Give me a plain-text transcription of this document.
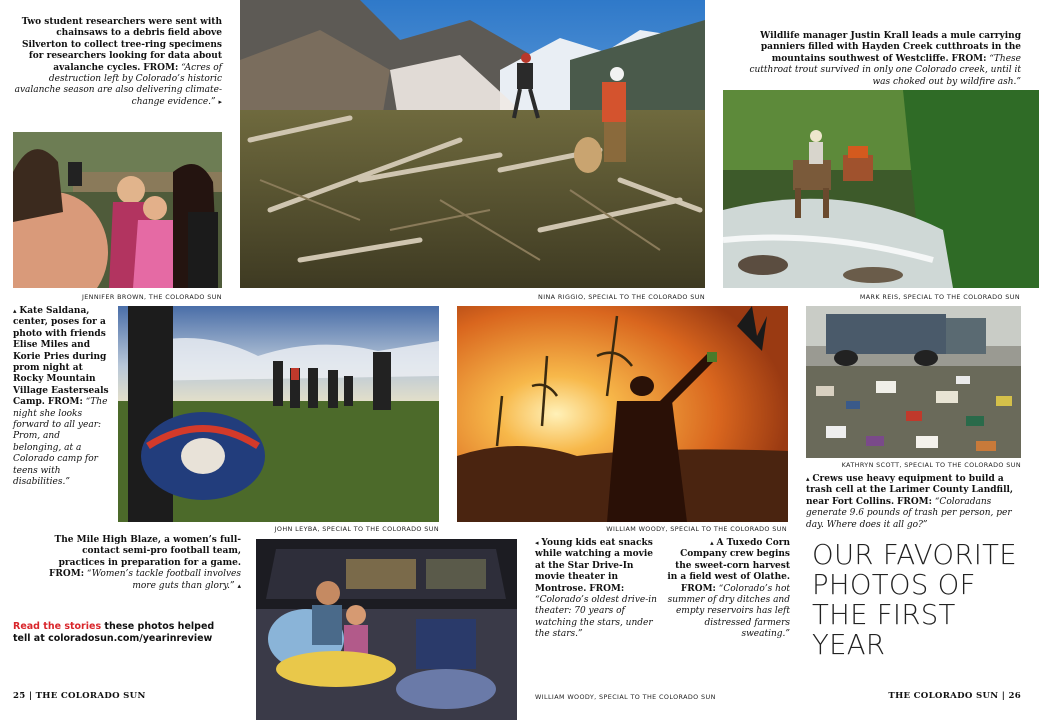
NINA RIGGIO, SPECIAL TO THE COLORADO SUN
JENNIFER BROWN, THE COLORADO SUN	MARK REIS, SPECIAL TO THE COLORADO SUN
JOHN LEYBA, SPECIAL TO THE COLORADO SUN	WILLIAM WOODY, SPECIAL TO THE COLORADO SUN
KATHRYN SCOTT, SPECIAL TO THE COLORADO SUN
WILLIAM WOODY, SPECIAL TO THE COLORADO SUN
Two student researchers were sent with chainsaws to a debris field above Silverton to collect tree-ring specimens for researchers looking for data about avalanche cycles. FROM: “Acres of destruction left by Colorado’s historic avalanche season are also delivering climate-change evidence.” ▸
Wildlife manager Justin Krall leads a mule carrying panniers filled with Hayden Creek cutthroats in the mountains southwest of Westcliffe. FROM: “These cutthroat trout survived in only one Colorado creek, until it was choked out by wildfire ash.”
▴ Kate Saldana, center, poses for a photo with friends Elise Miles and Korie Pries during prom night at Rocky Mountain Village Easterseals Camp. FROM: “The night she looks forward to all year: Prom, and belonging, at a Colorado camp for teens with disabilities.”	▴ Crews use heavy equipment to build a trash cell at the Larimer County Landfill, near Fort Collins. FROM: “Coloradans generate 9.6 pounds of trash per person, per day. Where does it all go?”
The Mile High Blaze, a women’s full-contact semi-pro football team, practices in preparation for a game. FROM: “Women’s tackle football involves more guts than glory.” ▴
◂ Young kids eat snacks while watching a movie at the Star Drive-In movie theater in Montrose. FROM: “Colorado’s oldest drive-in theater: 70 years of watching the stars, under the stars.”
▴ A Tuxedo Corn Company crew begins the sweet-corn harvest in a field west of Olathe. FROM: “Colorado’s hot summer of dry ditches and empty reservoirs has left distressed farmers sweating.”
OUR FAVORITE PHOTOS OF THE FIRST YEAR
Read the stories these photos helped tell at coloradosun.com/yearinreview
25 | THE COLORADO SUN	THE COLORADO SUN | 26
